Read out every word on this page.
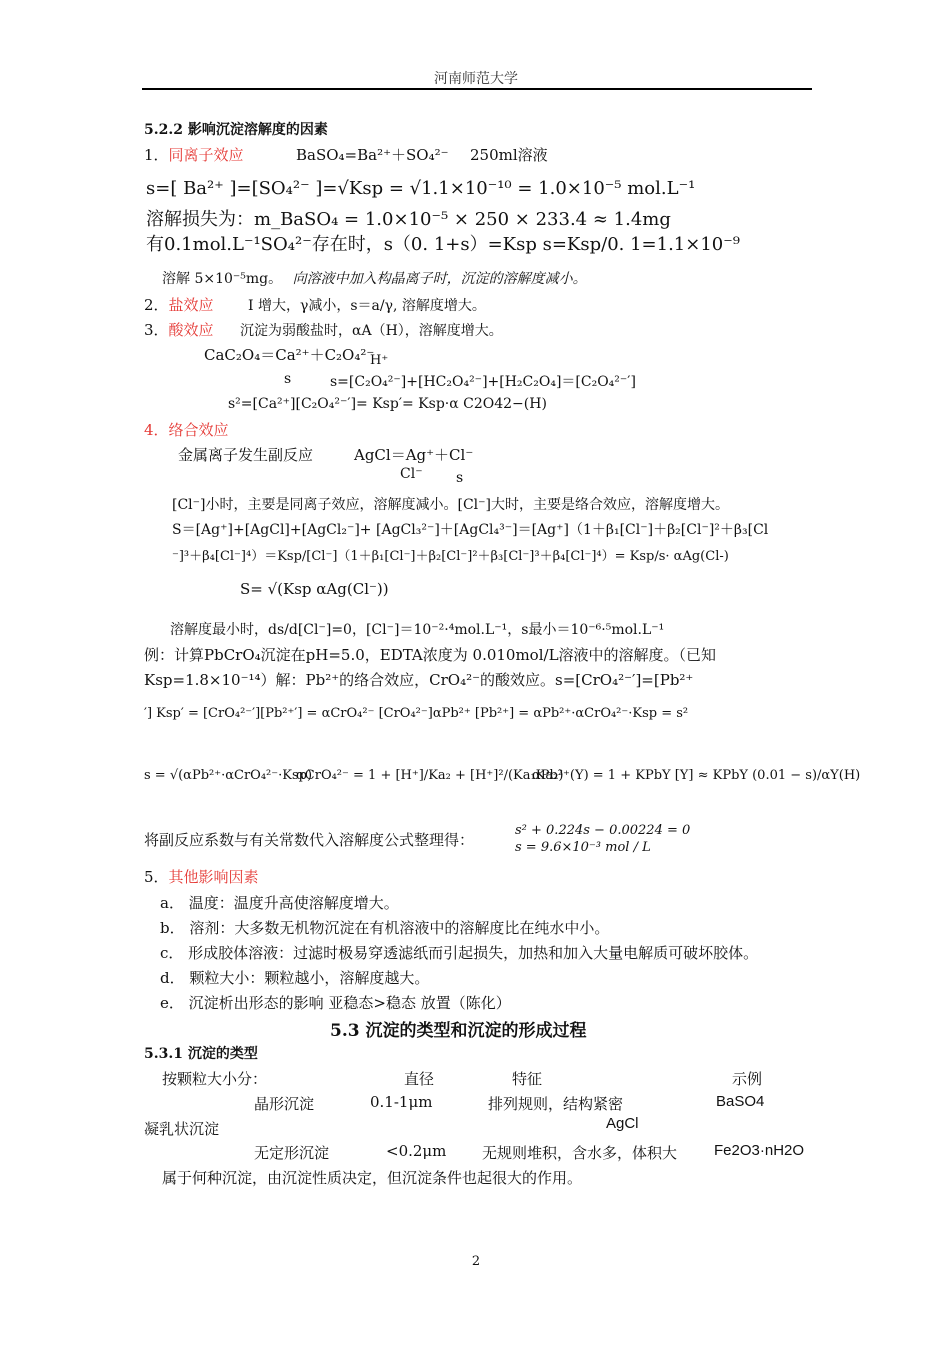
河南师范大学
5.2.2 影响沉淀溶解度的因素
1．同离子效应	BaSO₄=Ba²⁺＋SO₄²⁻ 250ml溶液
s=[ Ba²⁺ ]=[SO₄²⁻ ]=√Ksp = √1.1×10⁻¹⁰ = 1.0×10⁻⁵ mol.L⁻¹
溶解损失为：m_BaSO₄ = 1.0×10⁻⁵ × 250 × 233.4 ≈ 1.4mg
有0.1mol.L⁻¹SO₄²⁻存在时，s（0. 1+s）=Ksp s=Ksp/0. 1=1.1×10⁻⁹
溶解 5×10⁻⁵mg。 向溶液中加入构晶离子时，沉淀的溶解度减小。
2．盐效应 I 增大，γ减小，s＝a/γ, 溶解度增大。
3．酸效应 沉淀为弱酸盐时，αA（H），溶解度增大。
CaC₂O₄＝Ca²⁺＋C₂O₄²⁻
H⁺
s	s=[C₂O₄²⁻]+[HC₂O₄²⁻]+[H₂C₂O₄]＝[C₂O₄²⁻′]
s²=[Ca²⁺][C₂O₄²⁻′]= Ksp′= Ksp·α C2O42−(H)
4．络合效应
金属离子发生副反应	AgCl＝Ag⁺＋Cl⁻
Cl⁻ s
[Cl⁻]小时，主要是同离子效应，溶解度减小。[Cl⁻]大时，主要是络合效应，溶解度增大。
S＝[Ag⁺]+[AgCl]+[AgCl₂⁻]+ [AgCl₃²⁻]＋[AgCl₄³⁻]＝[Ag⁺]（1＋β₁[Cl⁻]＋β₂[Cl⁻]²＋β₃[Cl
⁻]³＋β₄[Cl⁻]⁴）＝Ksp/[Cl⁻]（1＋β₁[Cl⁻]＋β₂[Cl⁻]²＋β₃[Cl⁻]³＋β₄[Cl⁻]⁴）= Ksp/s· αAg(Cl-)
S= √(Ksp αAg(Cl⁻))
溶解度最小时，ds/d[Cl⁻]=0，[Cl⁻]＝10⁻²·⁴mol.L⁻¹，s最小＝10⁻⁶·⁵mol.L⁻¹
例：计算PbCrO₄沉淀在pH=5.0，EDTA浓度为 0.010mol/L溶液中的溶解度。（已知
Ksp=1.8×10⁻¹⁴）解：Pb²⁺的络合效应，CrO₄²⁻的酸效应。s=[CrO₄²⁻′]=[Pb²⁺
′] Ksp′ = [CrO₄²⁻′][Pb²⁺′] = αCrO₄²⁻ [CrO₄²⁻]αPb²⁺ [Pb²⁺] = αPb²⁺·αCrO₄²⁻·Ksp = s²
s = √(αPb²⁺·αCrO₄²⁻·Ksp)
αCrO₄²⁻ = 1 + [H⁺]/Ka₂ + [H⁺]²/(Ka₁Ka₂)
αPb²⁺(Y) = 1 + KPbY [Y] ≈ KPbY (0.01 − s)/αY(H)
将副反应系数与有关常数代入溶解度公式整理得：
s² + 0.224s − 0.00224 = 0
s = 9.6×10⁻³ mol / L
5．其他影响因素
a． 温度：温度升高使溶解度增大。
b． 溶剂：大多数无机物沉淀在有机溶液中的溶解度比在纯水中小。
c． 形成胶体溶液：过滤时极易穿透滤纸而引起损失，加热和加入大量电解质可破坏胶体。
d． 颗粒大小：颗粒越小，溶解度越大。
e． 沉淀析出形态的影响 亚稳态>稳态 放置（陈化）
5.3 沉淀的类型和沉淀的形成过程
5.3.1 沉淀的类型
按颗粒大小分：	直径	特征	示例
晶形沉淀	0.1-1μm	排列规则，结构紧密	BaSO4
凝乳状沉淀	AgCl
无定形沉淀	<0.2μm 无规则堆积，含水多，体积大 Fe2O3·nH2O
属于何种沉淀，由沉淀性质决定，但沉淀条件也起很大的作用。
2
